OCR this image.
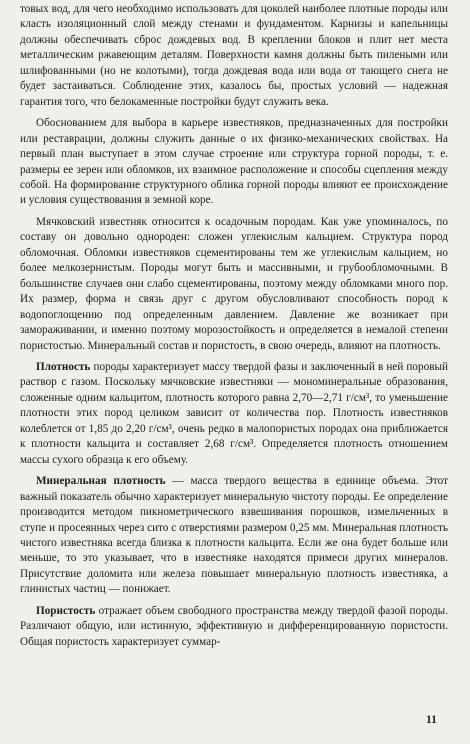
товых вод, для чего необходимо использовать для цоколей наиболее плотные породы или класть изоляционный слой между стенами и фундаментом. Карнизы и капельницы должны обеспечивать сброс дождевых вод. В креплении блоков и плит нет места металлическим ржавеющим деталям. Поверхности камня должны быть пилеными или шлифованными (но не колотыми), тогда дождевая вода или вода от тающего снега не будет застаиваться. Соблюдение этих, казалось бы, простых условий — надежная гарантия того, что белокаменные постройки будут служить века.

Обоснованием для выбора в карьере известняков, предназначенных для постройки или реставрации, должны служить данные о их физико-механических свойствах. На первый план выступает в этом случае строение или структура горной породы, т. е. размеры ее зерен или обломков, их взаимное расположение и способы сцепления между собой. На формирование структурного облика горной породы влияют ее происхождение и условия существования в земной коре.

Мячковский известняк относится к осадочным породам. Как уже упоминалось, по составу он довольно однороден: сложен углекислым кальцием. Структура пород обломочная. Обломки известняков сцементированы тем же углекислым кальцием, но более мелкозернистым. Породы могут быть и массивными, и грубообломочными. В большинстве случаев они слабо сцементированы, поэтому между обломками много пор. Их размер, форма и связь друг с другом обусловливают способность пород к водопоглощению под определенным давлением. Давление же возникает при замораживании, и именно поэтому морозостойкость и определяется в немалой степени пористостью. Минеральный состав и пористость, в свою очередь, влияют на плотность.

Плотность породы характеризует массу твердой фазы и заключенный в ней поровый раствор с газом. Поскольку мячковские известняки — мономинеральные образования, сложенные одним кальцитом, плотность которого равна 2,70—2,71 г/см³, то уменьшение плотности этих пород целиком зависит от количества пор. Плотность известняков колеблется от 1,85 до 2,20 г/см³, очень редко в малопористых породах она приближается к плотности кальцита и составляет 2,68 г/см³. Определяется плотность отношением массы сухого образца к его объему.

Минеральная плотность — масса твердого вещества в единице объема. Этот важный показатель обычно характеризует минеральную чистоту породы. Ее определение производится методом пикнометрического взвешивания порошков, измельченных в ступе и просеянных через сито с отверстиями размером 0,25 мм. Минеральная плотность чистого известняка всегда близка к плотности кальцита. Если же она будет больше или меньше, то это указывает, что в известняке находятся примеси других минералов. Присутствие доломита или железа повышает минеральную плотность известняка, а глинистых частиц — понижает.

Пористость отражает объем свободного пространства между твердой фазой породы. Различают общую, или истинную, эффективную и дифференцированную пористости. Общая пористость характеризует суммар-

11
